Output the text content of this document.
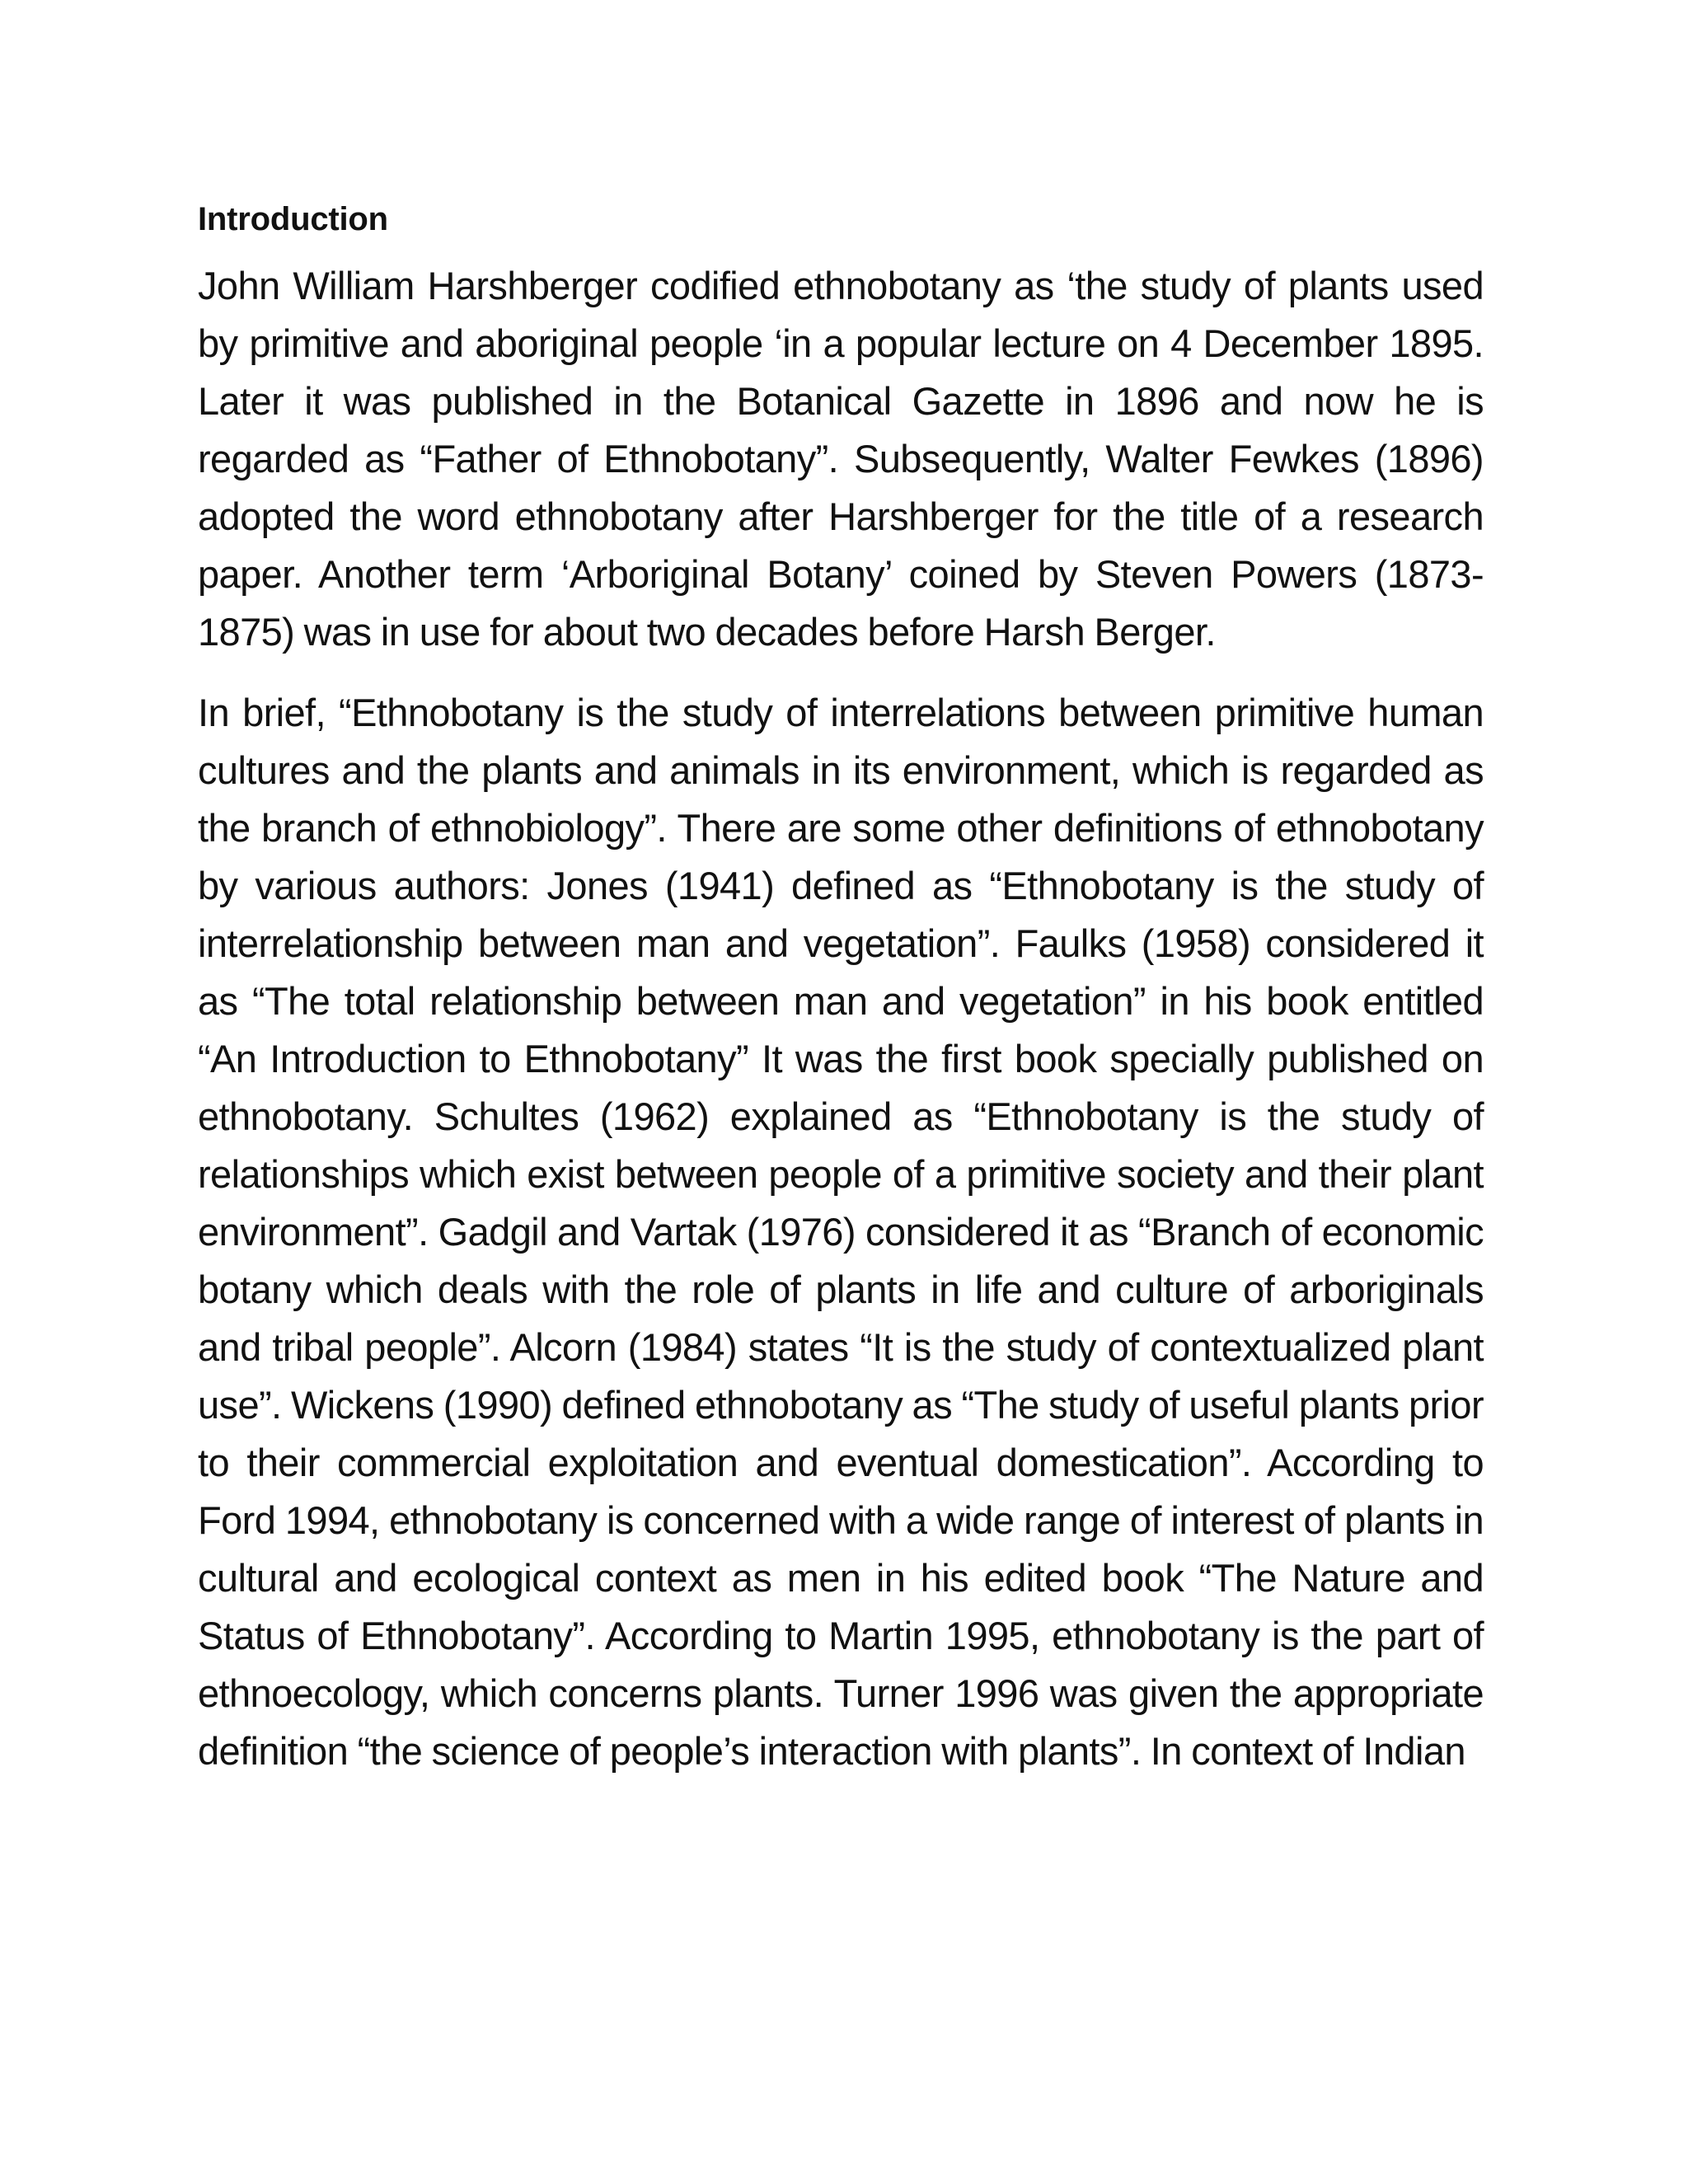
Introduction

John William Harshberger codified ethnobotany as ‘the study of plants used by primitive and aboriginal people ‘in a popular lecture on 4 December 1895. Later it was published in the Botanical Gazette in 1896 and now he is regarded as “Father of Ethnobotany”. Subsequently, Walter Fewkes (1896) adopted the word ethnobotany after Harshberger for the title of a research paper. Another term ‘Arboriginal Botany’ coined by Steven Powers (1873- 1875) was in use for about two decades before Harsh Berger.

In brief, “Ethnobotany is the study of interrelations between primitive human cultures and the plants and animals in its environment, which is regarded as the branch of ethnobiology”. There are some other definitions of ethnobotany by various authors: Jones (1941) defined as “Ethnobotany is the study of interrelationship between man and vegetation”. Faulks (1958) considered it as “The total relationship between man and vegetation” in his book entitled “An Introduction to Ethnobotany” It was the first book specially published on ethnobotany. Schultes (1962) explained as “Ethnobotany is the study of relationships which exist between people of a primitive society and their plant environment”. Gadgil and Vartak (1976) considered it as “Branch of economic botany which deals with the role of plants in life and culture of arboriginals and tribal people”. Alcorn (1984) states “It is the study of contextualized plant use”. Wickens (1990) defined ethnobotany as “The study of useful plants prior to their commercial exploitation and eventual domestication”. According to Ford 1994, ethnobotany is concerned with a wide range of interest of plants in cultural and ecological context as men in his edited book “The Nature and Status of Ethnobotany”. According to Martin 1995, ethnobotany is the part of ethnoecology, which concerns plants. Turner 1996 was given the appropriate definition “the science of people’s interaction with plants”. In context of Indian
